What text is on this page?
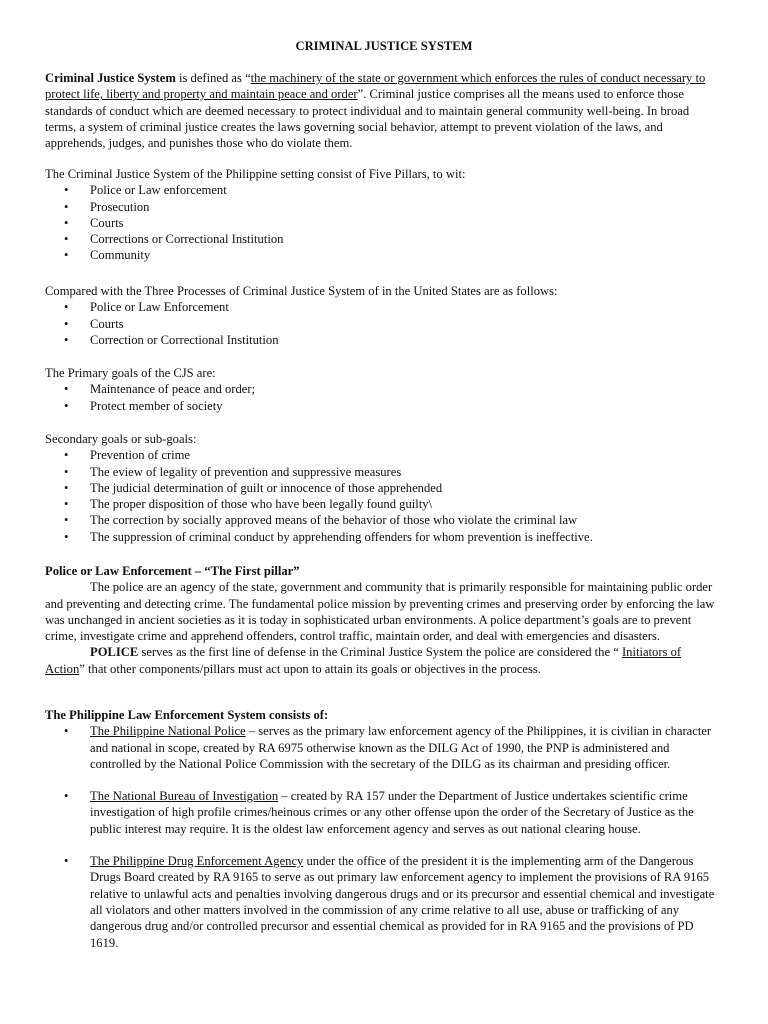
CRIMINAL JUSTICE SYSTEM

Criminal Justice System is defined as “the machinery of the state or government which enforces the rules of conduct necessary to protect life, liberty and property and maintain peace and order”. Criminal justice comprises all the means used to enforce those standards of conduct which are deemed necessary to protect individual and to maintain general community well-being. In broad terms, a system of criminal justice creates the laws governing social behavior, attempt to prevent violation of the laws, and apprehends, judges, and punishes those who do violate them.

The Criminal Justice System of the Philippine setting consist of Five Pillars, to wit:

• Police or Law enforcement
• Prosecution
• Courts
• Corrections or Correctional Institution
• Community

Compared with the Three Processes of Criminal Justice System of in the United States are as follows:

• Police or Law Enforcement
• Courts
• Correction or Correctional Institution

The Primary goals of the CJS are:

• Maintenance of peace and order;
• Protect member of society

Secondary goals or sub-goals:

• Prevention of crime
• The eview of legality of prevention and suppressive measures
• The judicial determination of guilt or innocence of those apprehended
• The proper disposition of those who have been legally found guilty\
• The correction by socially approved means of the behavior of those who violate the criminal law
• The suppression of criminal conduct by apprehending offenders for whom prevention is ineffective.

Police or Law Enforcement – “The First pillar”

The police are an agency of the state, government and community that is primarily responsible for maintaining public order and preventing and detecting crime. The fundamental police mission by preventing crimes and preserving order by enforcing the law was unchanged in ancient societies as it is today in sophisticated urban environments. A police department’s goals are to prevent crime, investigate crime and apprehend offenders, control traffic, maintain order, and deal with emergencies and disasters.

POLICE serves as the first line of defense in the Criminal Justice System the police are considered the “ Initiators of Action” that other components/pillars must act upon to attain its goals or objectives in the process.

The Philippine Law Enforcement System consists of:

• The Philippine National Police – serves as the primary law enforcement agency of the Philippines, it is civilian in character and national in scope, created by RA 6975 otherwise known as the DILG Act of 1990, the PNP is administered and controlled by the National Police Commission with the secretary of the DILG as its chairman and presiding officer.
• The National Bureau of Investigation – created by RA 157 under the Department of Justice undertakes scientific crime investigation of high profile crimes/heinous crimes or any other offense upon the order of the Secretary of Justice as the public interest may require. It is the oldest law enforcement agency and serves as out national clearing house.
• The Philippine Drug Enforcement Agency under the office of the president it is the implementing arm of the Dangerous Drugs Board created by RA 9165 to serve as out primary law enforcement agency to implement the provisions of RA 9165 relative to unlawful acts and penalties involving dangerous drugs and or its precursor and essential chemical and investigate all violators and other matters involved in the commission of any crime relative to all use, abuse or trafficking of any dangerous drug and/or controlled precursor and essential chemical as provided for in RA 9165 and the provisions of PD 1619.
